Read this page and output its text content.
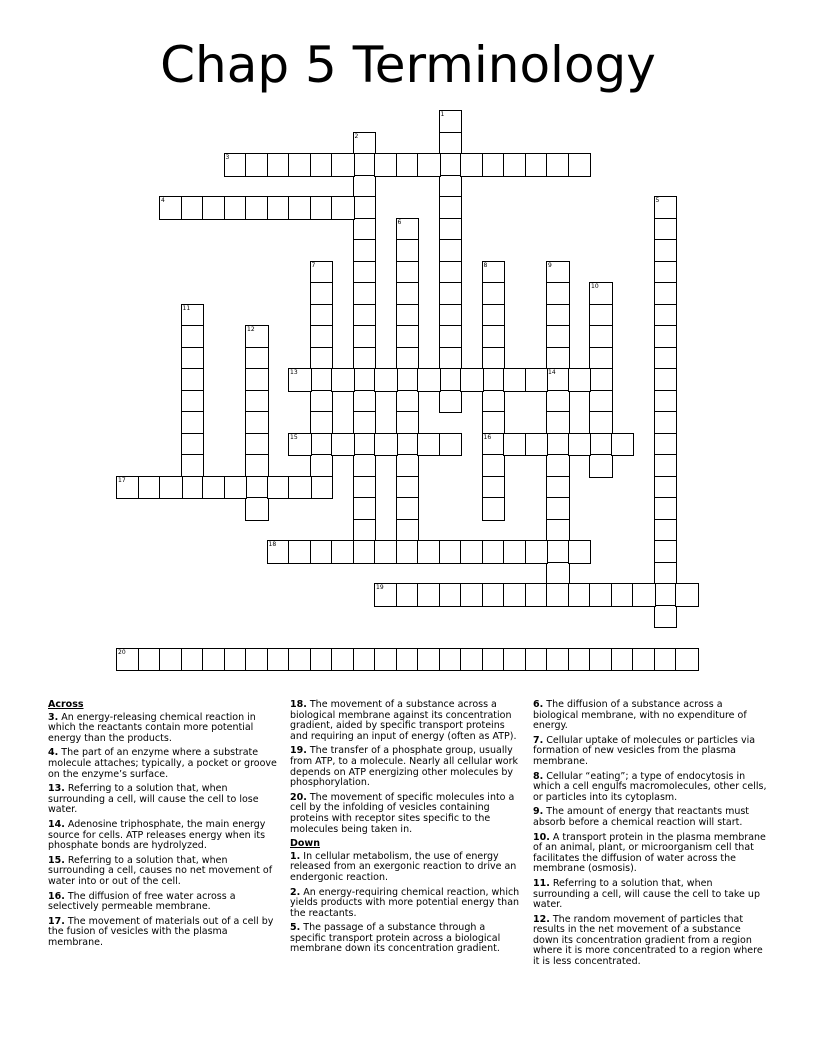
Chap 5 Terminology
1
2
3
4	5
6
7	8	9
10
11
12
13	14
15	16
17
18
19
20
Across
3. An energy-releasing chemical reaction in which the reactants contain more potential energy than the products.
4. The part of an enzyme where a substrate molecule attaches; typically, a pocket or groove on the enzyme’s surface.
13. Referring to a solution that, when surrounding a cell, will cause the cell to lose water.
14. Adenosine triphosphate, the main energy source for cells. ATP releases energy when its phosphate bonds are hydrolyzed.
15. Referring to a solution that, when surrounding a cell, causes no net movement of water into or out of the cell.
16. The diffusion of free water across a selectively permeable membrane.
17. The movement of materials out of a cell by the fusion of vesicles with the plasma membrane.
18. The movement of a substance across a biological membrane against its concentration gradient, aided by specific transport proteins and requiring an input of energy (often as ATP).
19. The transfer of a phosphate group, usually from ATP, to a molecule. Nearly all cellular work depends on ATP energizing other molecules by phosphorylation.
20. The movement of specific molecules into a cell by the infolding of vesicles containing proteins with receptor sites specific to the molecules being taken in.
Down
1. In cellular metabolism, the use of energy released from an exergonic reaction to drive an endergonic reaction.
2. An energy-requiring chemical reaction, which yields products with more potential energy than the reactants.
5. The passage of a substance through a specific transport protein across a biological membrane down its concentration gradient.
6. The diffusion of a substance across a biological membrane, with no expenditure of energy.
7. Cellular uptake of molecules or particles via formation of new vesicles from the plasma membrane.
8. Cellular “eating”; a type of endocytosis in which a cell engulfs macromolecules, other cells, or particles into its cytoplasm.
9. The amount of energy that reactants must absorb before a chemical reaction will start.
10. A transport protein in the plasma membrane of an animal, plant, or microorganism cell that facilitates the diffusion of water across the membrane (osmosis).
11. Referring to a solution that, when surrounding a cell, will cause the cell to take up water.
12. The random movement of particles that results in the net movement of a substance down its concentration gradient from a region where it is more concentrated to a region where it is less concentrated.
